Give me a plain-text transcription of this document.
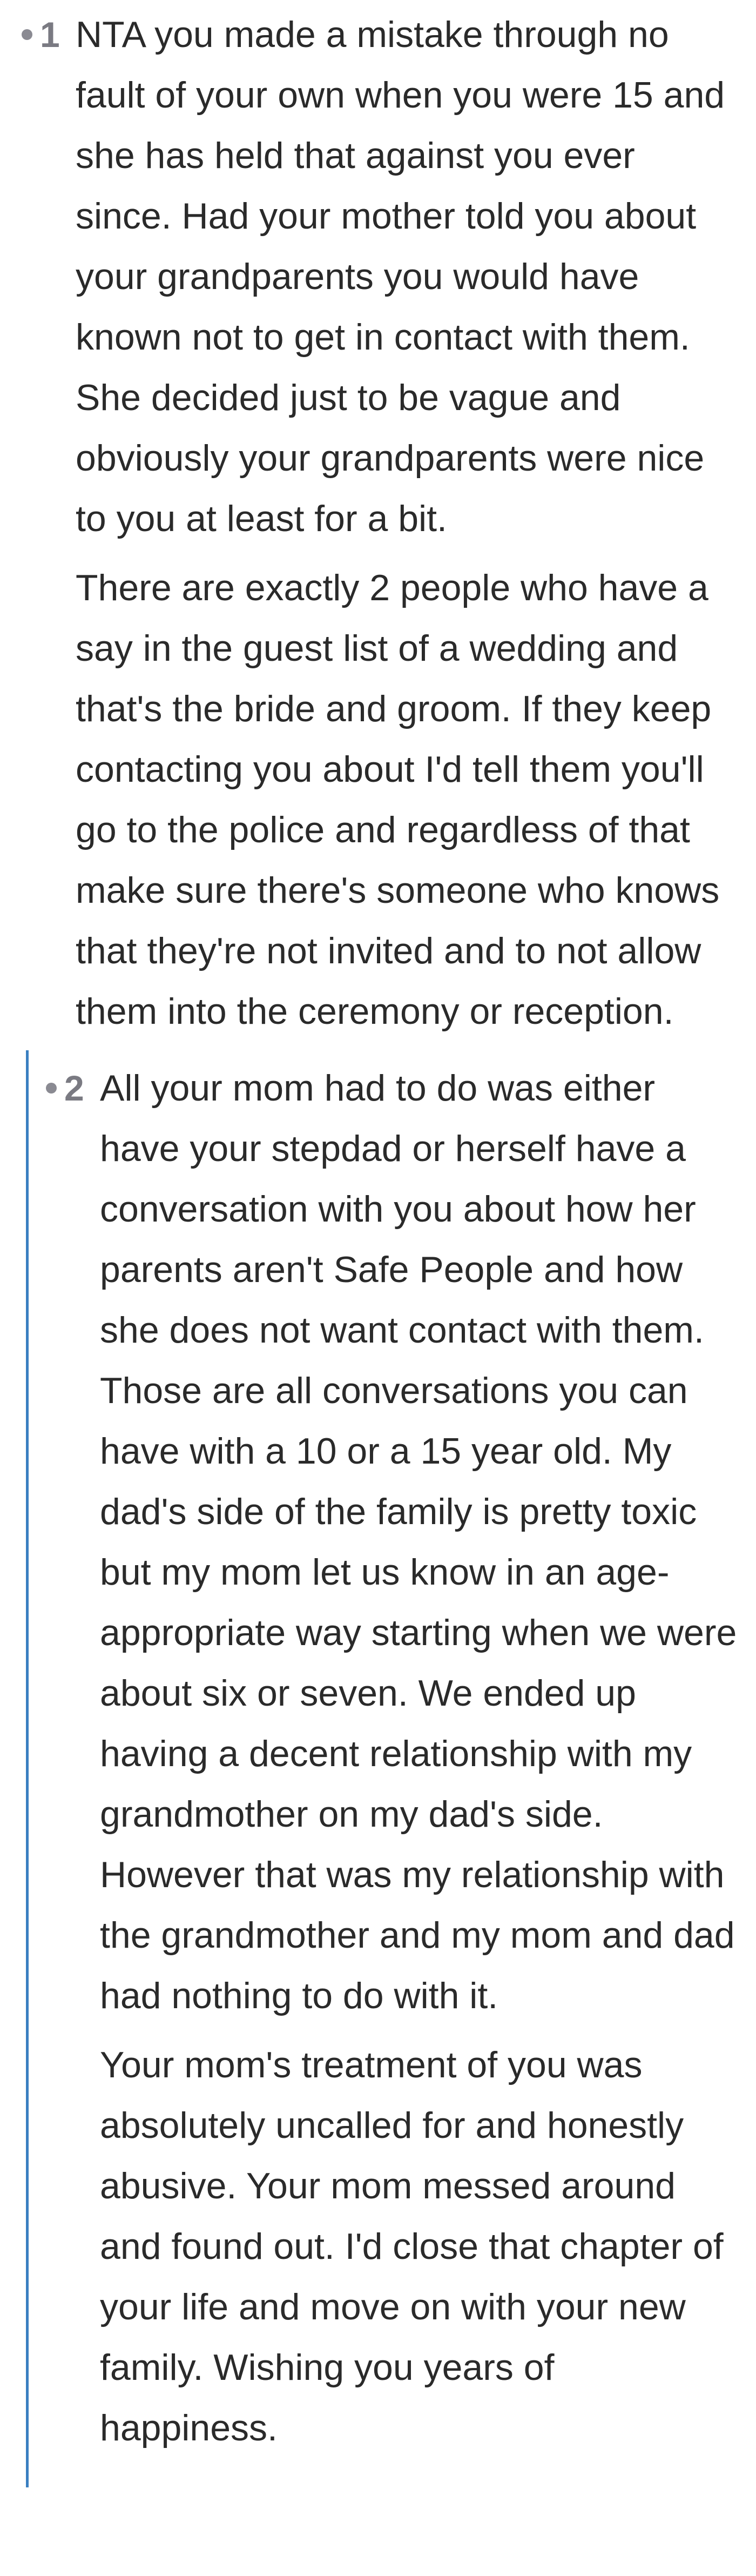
1 NTA you made a mistake through no fault of your own when you were 15 and she has held that against you ever since. Had your mother told you about your grandparents you would have known not to get in contact with them. She decided just to be vague and obviously your grandparents were nice to you at least for a bit.

There are exactly 2 people who have a say in the guest list of a wedding and that's the bride and groom. If they keep contacting you about I'd tell them you'll go to the police and regardless of that make sure there's someone who knows that they're not invited and to not allow them into the ceremony or reception.

2 All your mom had to do was either have your stepdad or herself have a conversation with you about how her parents aren't Safe People and how she does not want contact with them. Those are all conversations you can have with a 10 or a 15 year old. My dad's side of the family is pretty toxic but my mom let us know in an age-appropriate way starting when we were about six or seven. We ended up having a decent relationship with my grandmother on my dad's side. However that was my relationship with the grandmother and my mom and dad had nothing to do with it.

Your mom's treatment of you was absolutely uncalled for and honestly abusive. Your mom messed around and found out. I'd close that chapter of your life and move on with your new family. Wishing you years of happiness.
